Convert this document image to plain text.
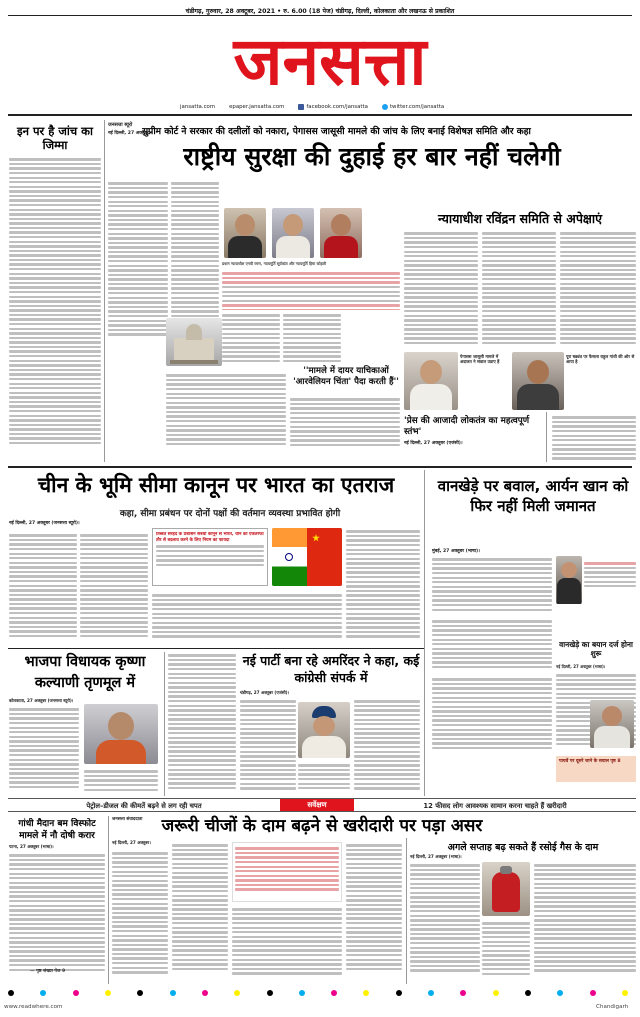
चंडीगढ़, गुरुवार, 28 अक्टूबर, 2021 • रु. 6.00 (18 पेज) चंडीगढ़, दिल्ली, कोलकाता और लखनऊ से प्रकाशित
जनसत्ता
jansatta.com	epaper.jansatta.com	facebook.com/jansatta	twitter.com/jansatta
इन पर है जांच का जिम्मा
जनसत्ता ब्यूरो
सुप्रीम कोर्ट ने सरकार की दलीलों को नकारा, पेगासस जासूसी मामले की जांच के लिए बनाई विशेषज्ञ समिति और कहा
नई दिल्ली, 27 अक्तूबर।
राष्ट्रीय सुरक्षा की दुहाई हर बार नहीं चलेगी
प्रधान न्यायाधीश एनवी रमण, न्यायमूर्ति सूर्यकांत और न्यायमूर्ति हिमा कोहली
''मामले में दायर याचिकाओं 'आरवेलियन चिंता' पैदा करती हैं''
न्यायाधीश रविंद्रन समिति से अपेक्षाएं
पेगासस जासूसी मामले में अदालत ने सवाल उठाए हैं
पूरा षड्यंत्र पर फैसला राहुल गांधी की ओर से आया है
'प्रेस की आजादी लोकतंत्र का महत्वपूर्ण स्तंभ'
नई दिल्ली, 27 अक्तूबर (एजंसी)।
चीन के भूमि सीमा कानून पर भारत का एतराज
कहा, सीमा प्रबंधन पर दोनों पक्षों की वर्तमान व्यवस्था प्रभावित होगी
नई दिल्ली, 27 अक्तूबर (जनसत्ता ब्यूरो)।
तिब्बत सरहद के प्रशासन संबंधी कानून से भारत, चीन का एकतरफा तौर से बदलाव करने के लिए नियम का फायदा
वानखेड़े पर बवाल, आर्यन खान को फिर नहीं मिली जमानत
मुंबई, 27 अक्तूबर (भाषा)।
वानखेड़े का बयान दर्ज होना शुरू
नई दिल्ली, 27 अक्तूबर (भाषा)।
पाचवें पर दूसरे जाने के सवाल पृष्ठ 8
भाजपा विधायक कृष्णा कल्याणी तृणमूल में
कोलकाता, 27 अक्तूबर (जनसत्ता ब्यूरो)।
नई पार्टी बना रहे अमरिंदर ने कहा, कई कांग्रेसी संपर्क में
चंडीगढ़, 27 अक्तूबर (एजंसी)।
पेट्रोल–डीजल की कीमतें बढ़ने से लग रही चपत	सर्वेक्षण	12 फीसद लोग आवश्यक सामान करना चाहते हैं खरीदारी
गांधी मैदान बम विस्फोट मामले में नौ दोषी करार
पटना, 27 अक्तूबर (भाषा)।
— पृष्ठ संख्या पेज 9
जरूरी चीजों के दाम बढ़ने से खरीदारी पर पड़ा असर
जनसत्ता संवाददाता
नई दिल्ली, 27 अक्तूबर।	अगले सप्ताह बढ़ सकते हैं रसोई गैस के दाम
नई दिल्ली, 27 अक्तूबर (भाषा)।
www.readwhere.com	Chandigarh
